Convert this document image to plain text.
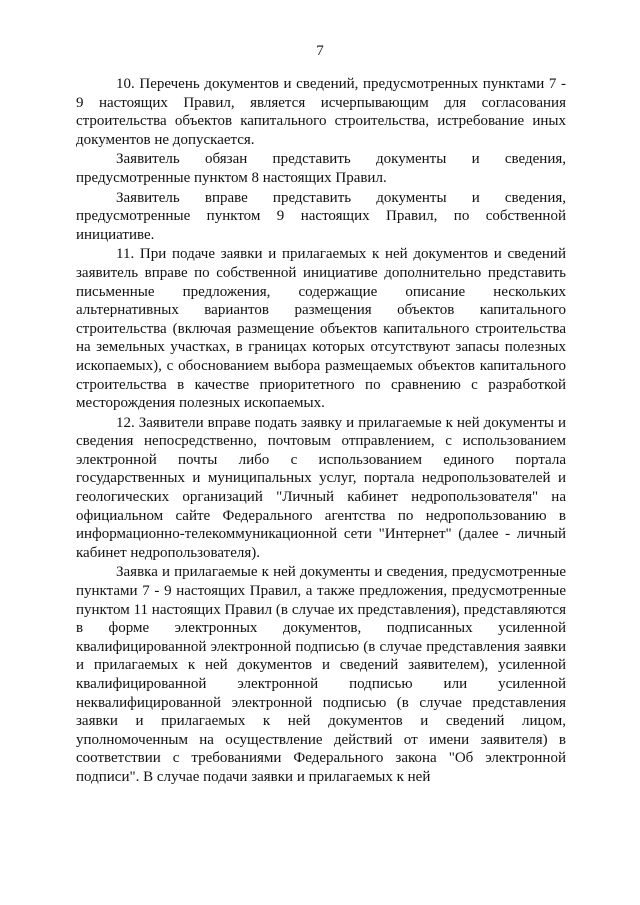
7

10. Перечень документов и сведений, предусмотренных пунктами 7 - 9 настоящих Правил, является исчерпывающим для согласования строительства объектов капитального строительства, истребование иных документов не допускается.

Заявитель обязан представить документы и сведения, предусмотренные пунктом 8 настоящих Правил.

Заявитель вправе представить документы и сведения, предусмотренные пунктом 9 настоящих Правил, по собственной инициативе.

11. При подаче заявки и прилагаемых к ней документов и сведений заявитель вправе по собственной инициативе дополнительно представить письменные предложения, содержащие описание нескольких альтернативных вариантов размещения объектов капитального строительства (включая размещение объектов капитального строительства на земельных участках, в границах которых отсутствуют запасы полезных ископаемых), с обоснованием выбора размещаемых объектов капитального строительства в качестве приоритетного по сравнению с разработкой месторождения полезных ископаемых.

12. Заявители вправе подать заявку и прилагаемые к ней документы и сведения непосредственно, почтовым отправлением, с использованием электронной почты либо с использованием единого портала государственных и муниципальных услуг, портала недропользователей и геологических организаций "Личный кабинет недропользователя" на официальном сайте Федерального агентства по недропользованию в информационно-телекоммуникационной сети "Интернет" (далее - личный кабинет недропользователя).

Заявка и прилагаемые к ней документы и сведения, предусмотренные пунктами 7 - 9 настоящих Правил, а также предложения, предусмотренные пунктом 11 настоящих Правил (в случае их представления), представляются в форме электронных документов, подписанных усиленной квалифицированной электронной подписью (в случае представления заявки и прилагаемых к ней документов и сведений заявителем), усиленной квалифицированной электронной подписью или усиленной неквалифицированной электронной подписью (в случае представления заявки и прилагаемых к ней документов и сведений лицом, уполномоченным на осуществление действий от имени заявителя) в соответствии с требованиями Федерального закона "Об электронной подписи". В случае подачи заявки и прилагаемых к ней
